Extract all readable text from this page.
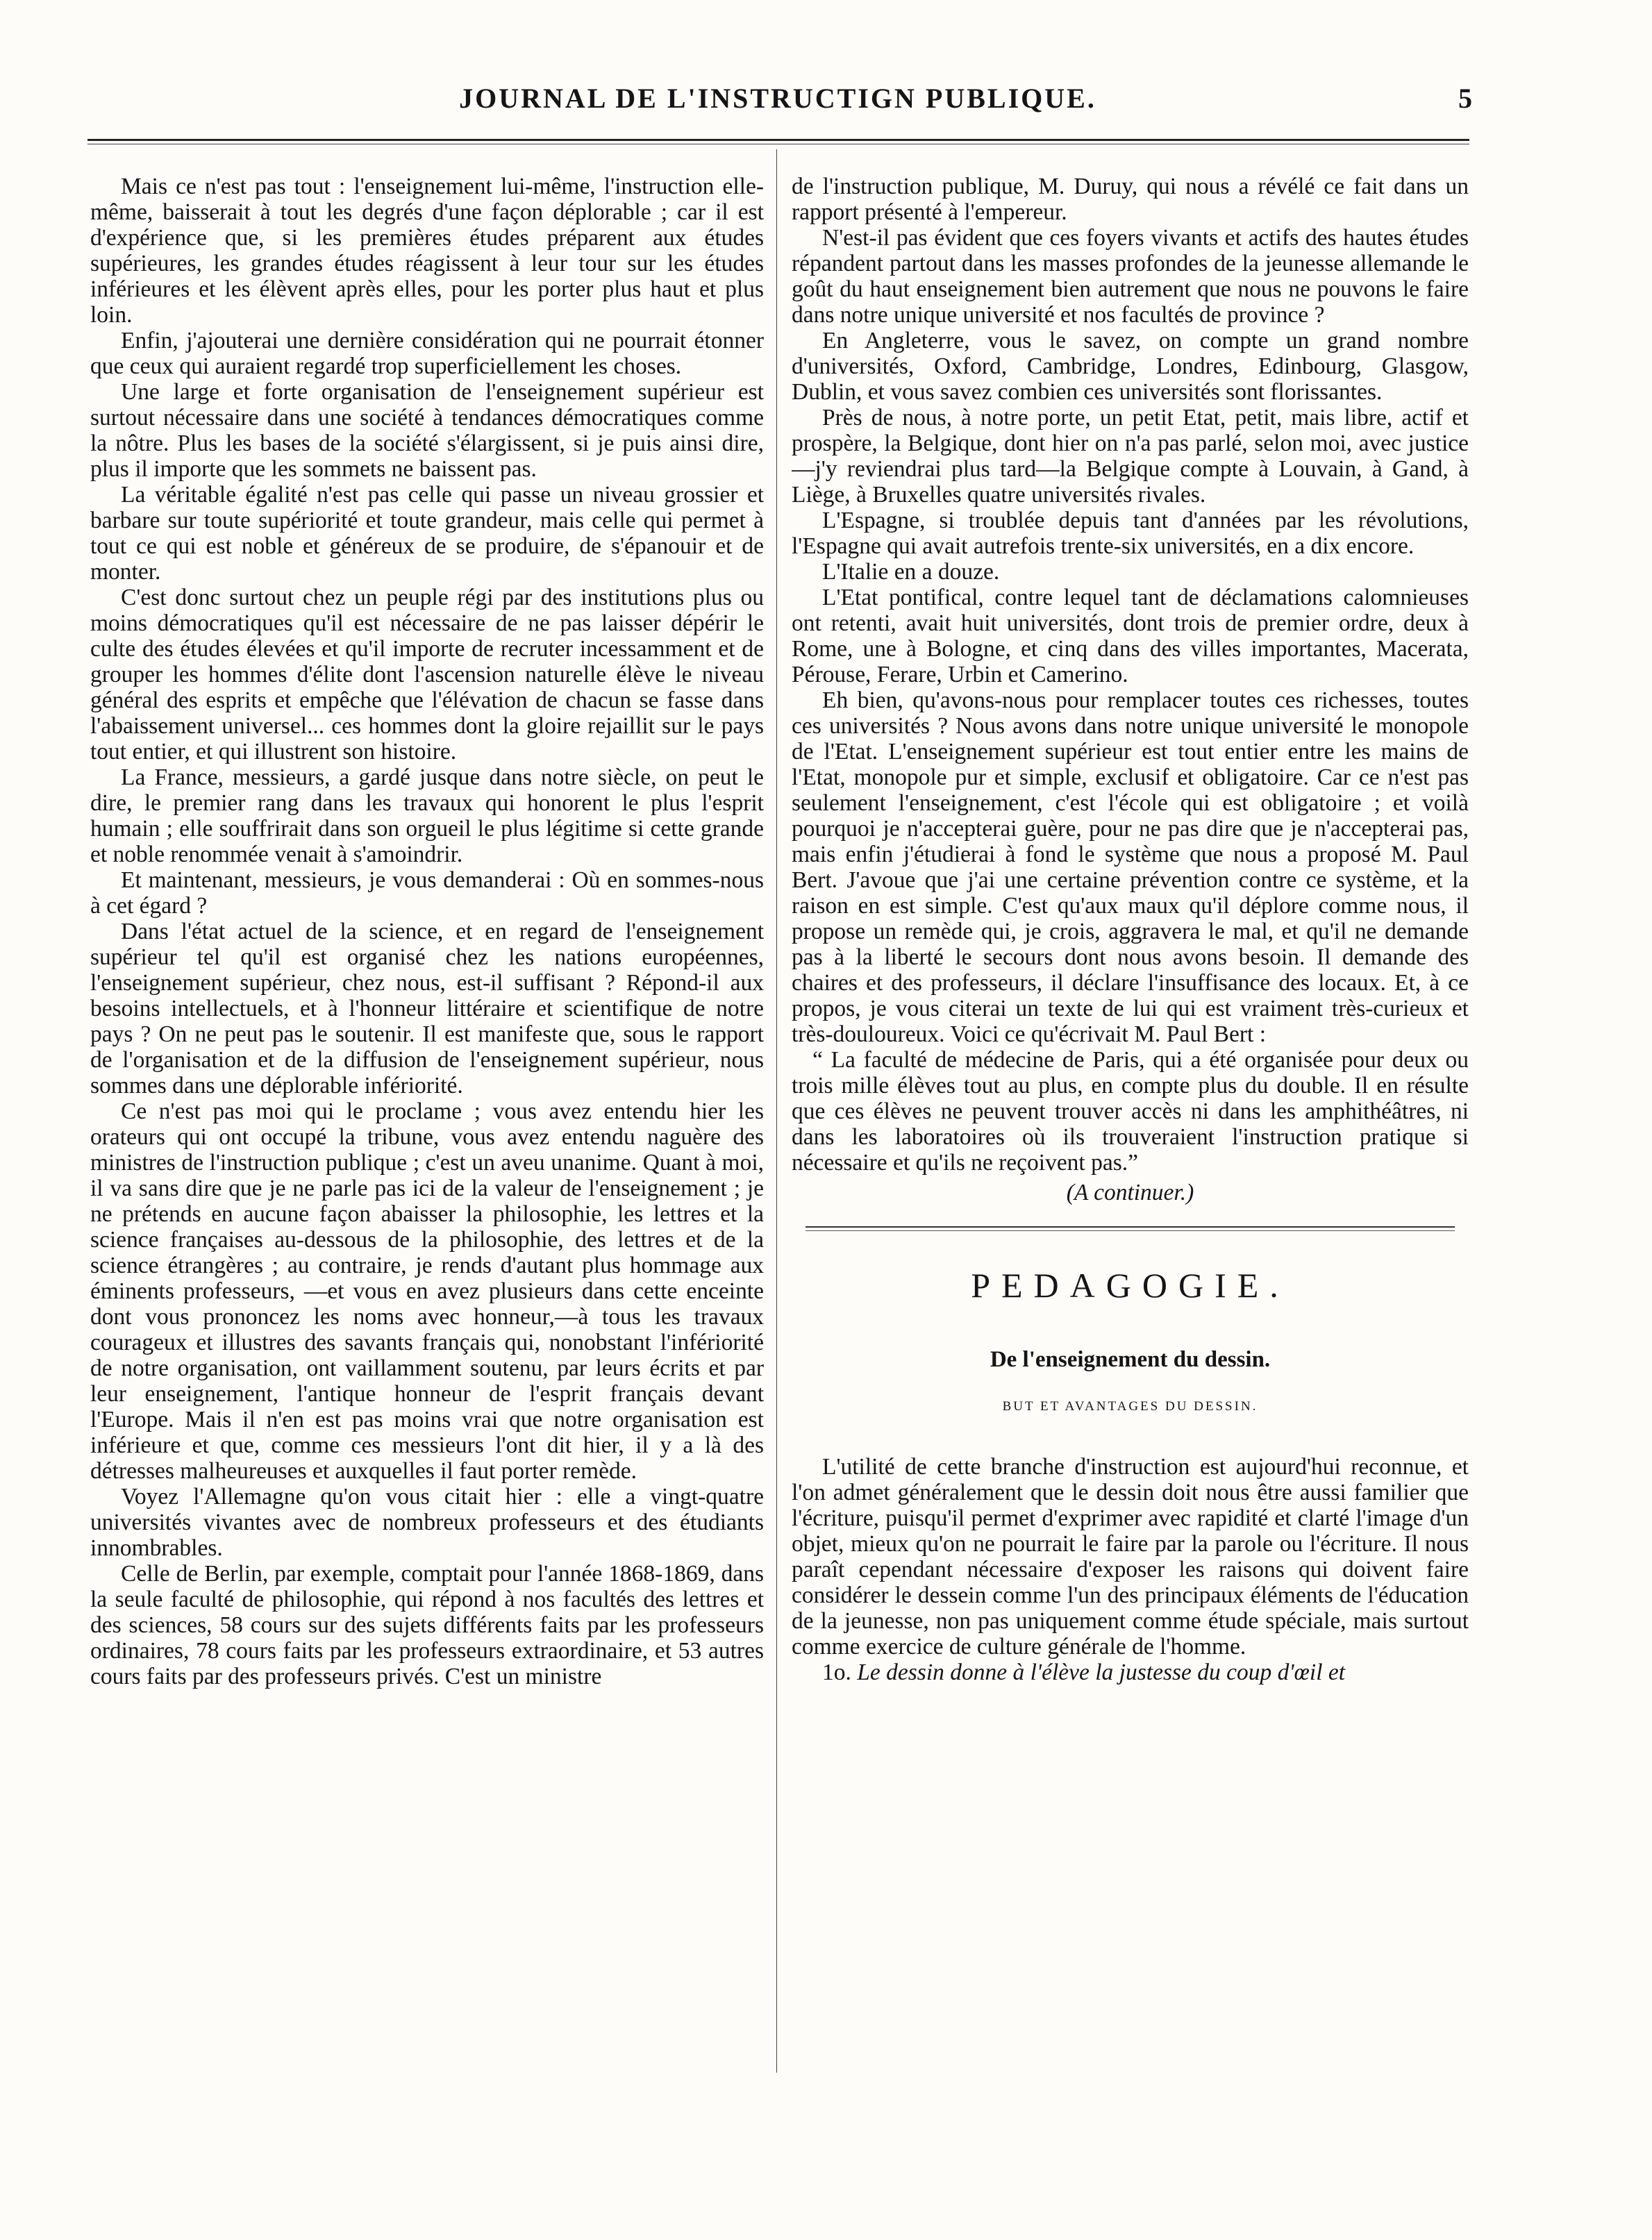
JOURNAL DE L'INSTRUCTIGN PUBLIQUE.	5

Mais ce n'est pas tout : l'enseignement lui-même, l'instruction elle-même, baisserait à tout les degrés d'une façon déplorable ; car il est d'expérience que, si les premières études préparent aux études supérieures, les grandes études réagissent à leur tour sur les études inférieures et les élèvent après elles, pour les porter plus haut et plus loin.

Enfin, j'ajouterai une dernière considération qui ne pourrait étonner que ceux qui auraient regardé trop superficiellement les choses.

Une large et forte organisation de l'enseignement supérieur est surtout nécessaire dans une société à tendances démocratiques comme la nôtre. Plus les bases de la société s'élargissent, si je puis ainsi dire, plus il importe que les sommets ne baissent pas.

La véritable égalité n'est pas celle qui passe un niveau grossier et barbare sur toute supériorité et toute grandeur, mais celle qui permet à tout ce qui est noble et généreux de se produire, de s'épanouir et de monter.

C'est donc surtout chez un peuple régi par des institutions plus ou moins démocratiques qu'il est nécessaire de ne pas laisser dépérir le culte des études élevées et qu'il importe de recruter incessamment et de grouper les hommes d'élite dont l'ascension naturelle élève le niveau général des esprits et empêche que l'élévation de chacun se fasse dans l'abaissement universel... ces hommes dont la gloire rejaillit sur le pays tout entier, et qui illustrent son histoire.

La France, messieurs, a gardé jusque dans notre siècle, on peut le dire, le premier rang dans les travaux qui honorent le plus l'esprit humain ; elle souffrirait dans son orgueil le plus légitime si cette grande et noble renommée venait à s'amoindrir.

Et maintenant, messieurs, je vous demanderai : Où en sommes-nous à cet égard ?

Dans l'état actuel de la science, et en regard de l'enseignement supérieur tel qu'il est organisé chez les nations européennes, l'enseignement supérieur, chez nous, est-il suffisant ? Répond-il aux besoins intellectuels, et à l'honneur littéraire et scientifique de notre pays ? On ne peut pas le soutenir. Il est manifeste que, sous le rapport de l'organisation et de la diffusion de l'enseignement supérieur, nous sommes dans une déplorable infériorité.

Ce n'est pas moi qui le proclame ; vous avez entendu hier les orateurs qui ont occupé la tribune, vous avez entendu naguère des ministres de l'instruction publique ; c'est un aveu unanime. Quant à moi, il va sans dire que je ne parle pas ici de la valeur de l'enseignement ; je ne prétends en aucune façon abaisser la philosophie, les lettres et la science françaises au-dessous de la philosophie, des lettres et de la science étrangères ; au contraire, je rends d'autant plus hommage aux éminents professeurs, —et vous en avez plusieurs dans cette enceinte dont vous prononcez les noms avec honneur,—à tous les travaux courageux et illustres des savants français qui, nonobstant l'infériorité de notre organisation, ont vaillamment soutenu, par leurs écrits et par leur enseignement, l'antique honneur de l'esprit français devant l'Europe. Mais il n'en est pas moins vrai que notre organisation est inférieure et que, comme ces messieurs l'ont dit hier, il y a là des détresses malheureuses et auxquelles il faut porter remède.

Voyez l'Allemagne qu'on vous citait hier : elle a vingt-quatre universités vivantes avec de nombreux professeurs et des étudiants innombrables.

Celle de Berlin, par exemple, comptait pour l'année 1868-1869, dans la seule faculté de philosophie, qui répond à nos facultés des lettres et des sciences, 58 cours sur des sujets différents faits par les professeurs ordinaires, 78 cours faits par les professeurs extraordinaire, et 53 autres cours faits par des professeurs privés. C'est un ministre

de l'instruction publique, M. Duruy, qui nous a révélé ce fait dans un rapport présenté à l'empereur.

N'est-il pas évident que ces foyers vivants et actifs des hautes études répandent partout dans les masses profondes de la jeunesse allemande le goût du haut enseignement bien autrement que nous ne pouvons le faire dans notre unique université et nos facultés de province ?

En Angleterre, vous le savez, on compte un grand nombre d'universités, Oxford, Cambridge, Londres, Edinbourg, Glasgow, Dublin, et vous savez combien ces universités sont florissantes.

Près de nous, à notre porte, un petit Etat, petit, mais libre, actif et prospère, la Belgique, dont hier on n'a pas parlé, selon moi, avec justice—j'y reviendrai plus tard—la Belgique compte à Louvain, à Gand, à Liège, à Bruxelles quatre universités rivales.

L'Espagne, si troublée depuis tant d'années par les révolutions, l'Espagne qui avait autrefois trente-six universités, en a dix encore.

L'Italie en a douze.

L'Etat pontifical, contre lequel tant de déclamations calomnieuses ont retenti, avait huit universités, dont trois de premier ordre, deux à Rome, une à Bologne, et cinq dans des villes importantes, Macerata, Pérouse, Ferare, Urbin et Camerino.

Eh bien, qu'avons-nous pour remplacer toutes ces richesses, toutes ces universités ? Nous avons dans notre unique université le monopole de l'Etat. L'enseignement supérieur est tout entier entre les mains de l'Etat, monopole pur et simple, exclusif et obligatoire. Car ce n'est pas seulement l'enseignement, c'est l'école qui est obligatoire ; et voilà pourquoi je n'accepterai guère, pour ne pas dire que je n'accepterai pas, mais enfin j'étudierai à fond le système que nous a proposé M. Paul Bert. J'avoue que j'ai une certaine prévention contre ce système, et la raison en est simple. C'est qu'aux maux qu'il déplore comme nous, il propose un remède qui, je crois, aggravera le mal, et qu'il ne demande pas à la liberté le secours dont nous avons besoin. Il demande des chaires et des professeurs, il déclare l'insuffisance des locaux. Et, à ce propos, je vous citerai un texte de lui qui est vraiment très-curieux et très-douloureux. Voici ce qu'écrivait M. Paul Bert :

“ La faculté de médecine de Paris, qui a été organisée pour deux ou trois mille élèves tout au plus, en compte plus du double. Il en résulte que ces élèves ne peuvent trouver accès ni dans les amphithéâtres, ni dans les laboratoires où ils trouveraient l'instruction pratique si nécessaire et qu'ils ne reçoivent pas.”

(A continuer.)

PEDAGOGIE.
De l'enseignement du dessin.
BUT ET AVANTAGES DU DESSIN.

L'utilité de cette branche d'instruction est aujourd'hui reconnue, et l'on admet généralement que le dessin doit nous être aussi familier que l'écriture, puisqu'il permet d'exprimer avec rapidité et clarté l'image d'un objet, mieux qu'on ne pourrait le faire par la parole ou l'écriture. Il nous paraît cependant nécessaire d'exposer les raisons qui doivent faire considérer le dessein comme l'un des principaux éléments de l'éducation de la jeunesse, non pas uniquement comme étude spéciale, mais surtout comme exercice de culture générale de l'homme.

1o. Le dessin donne à l'élève la justesse du coup d'œil et
